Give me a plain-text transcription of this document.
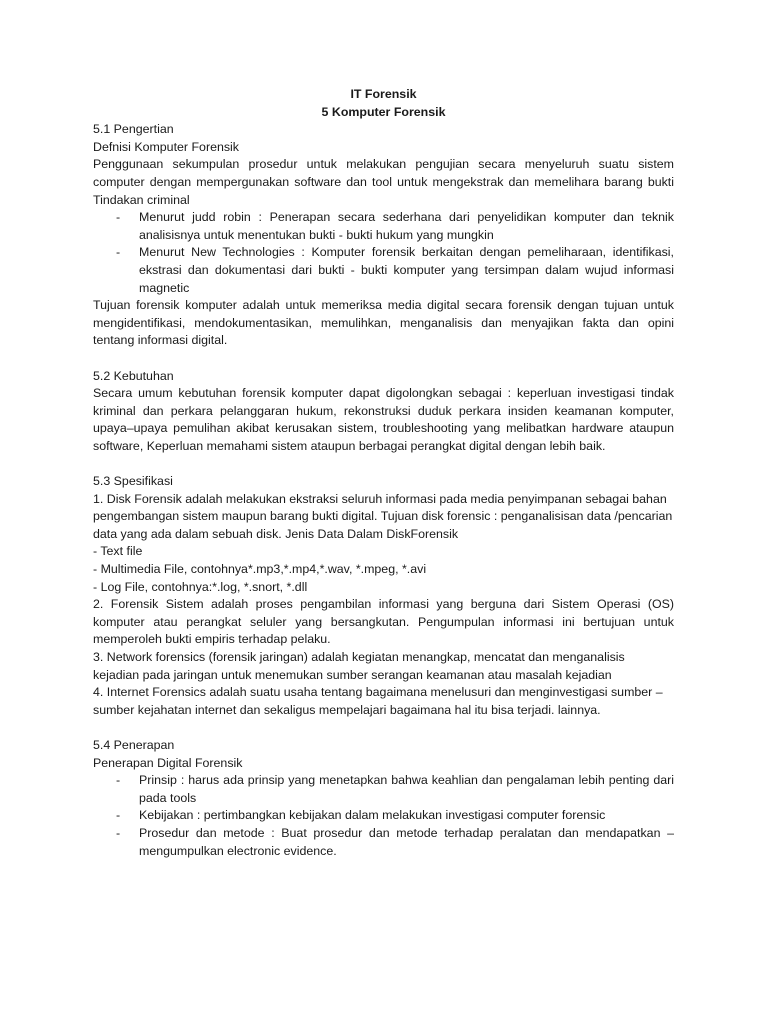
IT Forensik

5 Komputer Forensik

5.1 Pengertian

Defnisi Komputer Forensik

Penggunaan sekumpulan prosedur untuk melakukan pengujian secara menyeluruh suatu sistem computer dengan mempergunakan software dan tool untuk mengekstrak dan memelihara barang bukti Tindakan criminal

- Menurut judd robin : Penerapan secara sederhana dari penyelidikan komputer dan teknik analisisnya untuk menentukan bukti - bukti hukum yang mungkin
- Menurut New Technologies : Komputer forensik berkaitan dengan pemeliharaan, identifikasi, ekstrasi dan dokumentasi dari bukti - bukti komputer yang tersimpan dalam wujud informasi magnetic

Tujuan forensik komputer adalah untuk memeriksa media digital secara forensik dengan tujuan untuk mengidentifikasi, mendokumentasikan, memulihkan, menganalisis dan menyajikan fakta dan opini tentang informasi digital.

5.2 Kebutuhan

Secara umum kebutuhan forensik komputer dapat digolongkan sebagai : keperluan investigasi tindak kriminal dan perkara pelanggaran hukum, rekonstruksi duduk perkara insiden keamanan komputer, upaya–upaya pemulihan akibat kerusakan sistem, troubleshooting yang melibatkan hardware ataupun software, Keperluan memahami sistem ataupun berbagai perangkat digital dengan lebih baik.

5.3 Spesifikasi

1. Disk Forensik adalah melakukan ekstraksi seluruh informasi pada media penyimpanan sebagai bahan pengembangan sistem maupun barang bukti digital. Tujuan disk forensic : penganalisisan data /pencarian data yang ada dalam sebuah disk. Jenis Data Dalam DiskForensik

- Text file

- Multimedia File, contohnya*.mp3,*.mp4,*.wav, *.mpeg, *.avi

- Log File, contohnya:*.log, *.snort, *.dll

2. Forensik Sistem adalah proses pengambilan informasi yang berguna dari Sistem Operasi (OS) komputer atau perangkat seluler yang bersangkutan. Pengumpulan informasi ini bertujuan untuk memperoleh bukti empiris terhadap pelaku.

3. Network forensics (forensik jaringan) adalah kegiatan menangkap, mencatat dan menganalisis kejadian pada jaringan untuk menemukan sumber serangan keamanan atau masalah kejadian

4. Internet Forensics adalah suatu usaha tentang bagaimana menelusuri dan menginvestigasi sumber – sumber kejahatan internet dan sekaligus mempelajari bagaimana hal itu bisa terjadi. lainnya.

5.4 Penerapan

Penerapan Digital Forensik

- Prinsip : harus ada prinsip yang menetapkan bahwa keahlian dan pengalaman lebih penting dari pada tools
- Kebijakan : pertimbangkan kebijakan dalam melakukan investigasi computer forensic
- Prosedur dan metode : Buat prosedur dan metode terhadap peralatan dan mendapatkan – mengumpulkan electronic evidence.
